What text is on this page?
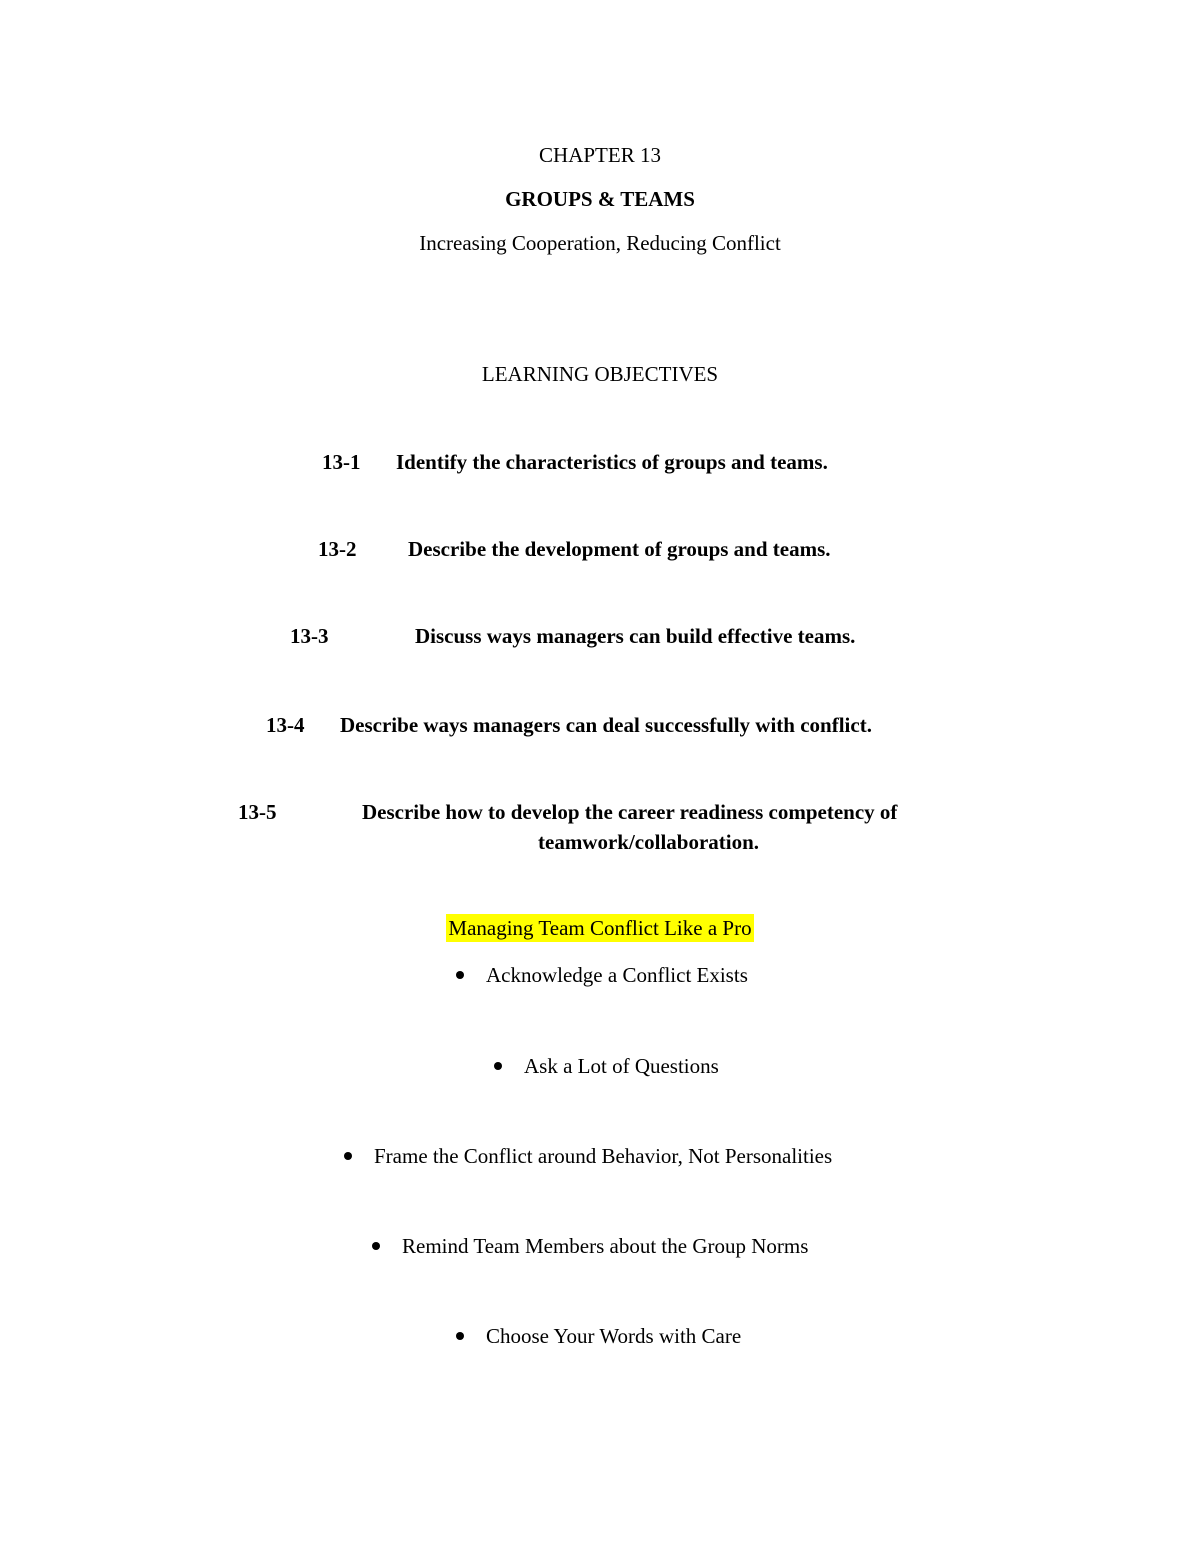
CHAPTER 13
GROUPS & TEAMS
Increasing Cooperation, Reducing Conflict
LEARNING OBJECTIVES
13-1 Identify the characteristics of groups and teams.
13-2 Describe the development of groups and teams.
13-3	Discuss ways managers can build effective teams.
13-4 Describe ways managers can deal successfully with conflict.
13-5	Describe how to develop the career readiness competency of
teamwork/collaboration.
Managing Team Conflict Like a Pro
Acknowledge a Conflict Exists
Ask a Lot of Questions
Frame the Conflict around Behavior, Not Personalities
Remind Team Members about the Group Norms
Choose Your Words with Care
